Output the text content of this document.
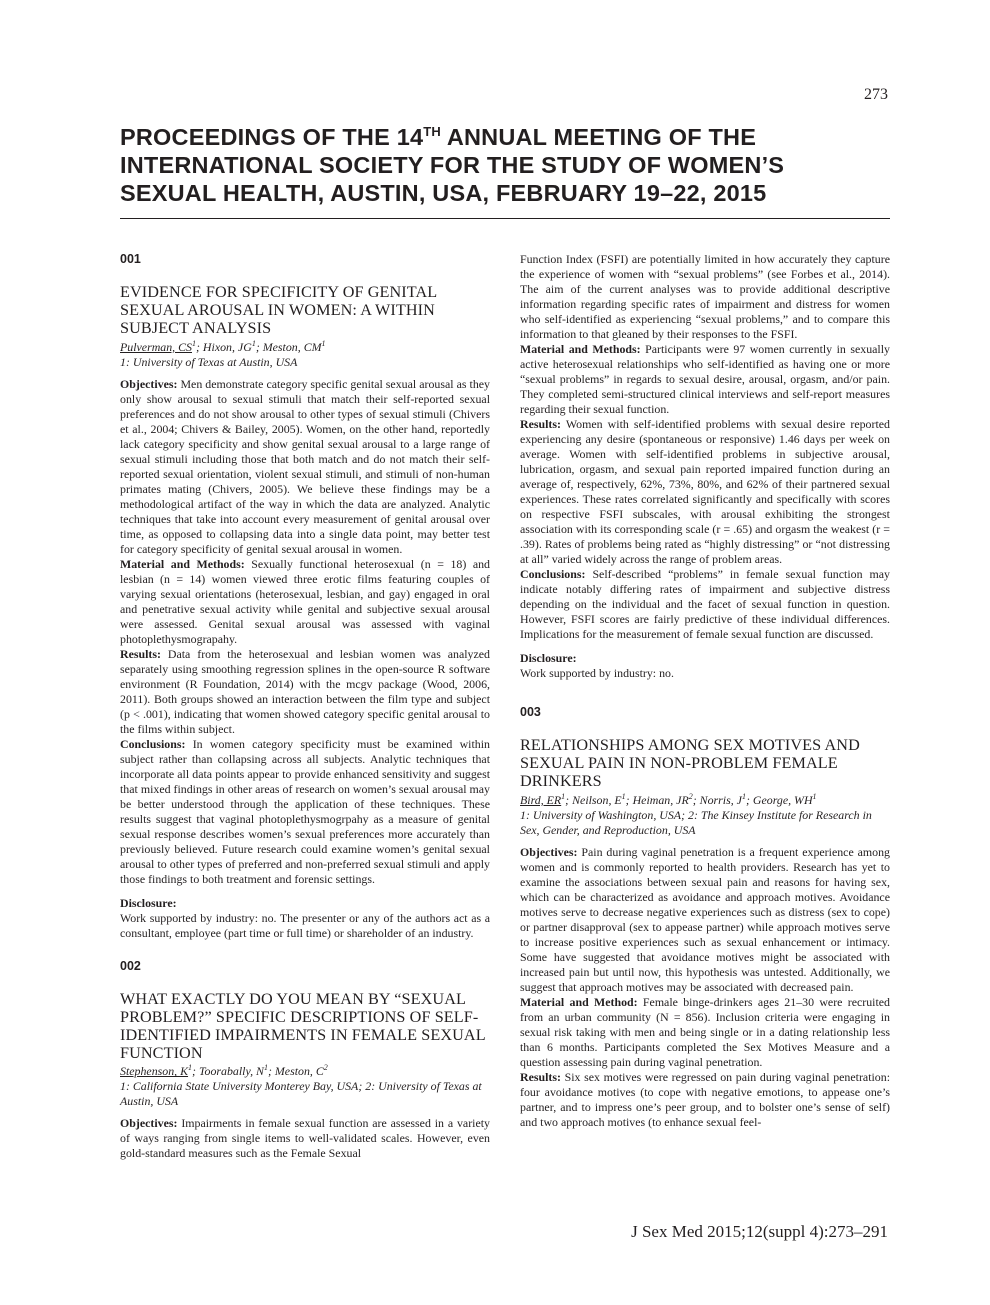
273
PROCEEDINGS OF THE 14TH ANNUAL MEETING OF THE
INTERNATIONAL SOCIETY FOR THE STUDY OF WOMEN’S
SEXUAL HEALTH, AUSTIN, USA, FEBRUARY 19–22, 2015
001
EVIDENCE FOR SPECIFICITY OF GENITAL SEXUAL AROUSAL IN WOMEN: A WITHIN SUBJECT ANALYSIS

Pulverman, $CS^1$; Hixon, $JG^1$; Meston, $CM^1$

1: University of Texas at Austin, USA

Objectives: Men demonstrate category specific genital sexual arousal as they only show arousal to sexual stimuli that match their self-reported sexual preferences and do not show arousal to other types of sexual stimuli (Chivers et al., 2004; Chivers & Bailey, 2005). Women, on the other hand, reportedly lack category specificity and show genital sexual arousal to a large range of sexual stimuli including those that both match and do not match their self-reported sexual orientation, violent sexual stimuli, and stimuli of non-human primates mating (Chivers, 2005). We believe these findings may be a methodological artifact of the way in which the data are analyzed. Analytic techniques that take into account every measurement of genital arousal over time, as opposed to collapsing data into a single data point, may better test for category specificity of genital sexual arousal in women.

Material and Methods: Sexually functional heterosexual (n = 18) and lesbian (n = 14) women viewed three erotic films featuring couples of varying sexual orientations (heterosexual, lesbian, and gay) engaged in oral and penetrative sexual activity while genital and subjective sexual arousal were assessed. Genital sexual arousal was assessed with vaginal photoplethysmograpahy.

Results: Data from the heterosexual and lesbian women was analyzed separately using smoothing regression splines in the open-source R software environment (R Foundation, 2014) with the mcgv package (Wood, 2006, 2011). Both groups showed an interaction between the film type and subject (p < .001), indicating that women showed category specific genital arousal to the films within subject.

Conclusions: In women category specificity must be examined within subject rather than collapsing across all subjects. Analytic techniques that incorporate all data points appear to provide enhanced sensitivity and suggest that mixed findings in other areas of research on women’s sexual arousal may be better understood through the application of these techniques. These results suggest that vaginal photoplethysmogrpahy as a measure of genital sexual response describes women’s sexual preferences more accurately than previously believed. Future research could examine women’s genital sexual arousal to other types of preferred and non-preferred sexual stimuli and apply those findings to both treatment and forensic settings.

Disclosure:

Work supported by industry: no. The presenter or any of the authors act as a consultant, employee (part time or full time) or shareholder of an industry.

002
WHAT EXACTLY DO YOU MEAN BY “SEXUAL PROBLEM?” SPECIFIC DESCRIPTIONS OF SELF-IDENTIFIED IMPAIRMENTS IN FEMALE SEXUAL FUNCTION

Stephenson, $K^1$; Toorabally, $N^1$; Meston, $C^2$

1: California State University Monterey Bay, USA; 2: University of Texas at Austin, USA

Objectives: Impairments in female sexual function are assessed in a variety of ways ranging from single items to well-validated scales. However, even gold-standard measures such as the Female Sexual

Function Index (FSFI) are potentially limited in how accurately they capture the experience of women with “sexual problems” (see Forbes et al., 2014). The aim of the current analyses was to provide additional descriptive information regarding specific rates of impairment and distress for women who self-identified as experiencing “sexual problems,” and to compare this information to that gleaned by their responses to the FSFI.

Material and Methods: Participants were 97 women currently in sexually active heterosexual relationships who self-identified as having one or more “sexual problems” in regards to sexual desire, arousal, orgasm, and/or pain. They completed semi-structured clinical interviews and self-report measures regarding their sexual function.

Results: Women with self-identified problems with sexual desire reported experiencing any desire (spontaneous or responsive) 1.46 days per week on average. Women with self-identified problems in subjective arousal, lubrication, orgasm, and sexual pain reported impaired function during an average of, respectively, 62%, 73%, 80%, and 62% of their partnered sexual experiences. These rates correlated significantly and specifically with scores on respective FSFI subscales, with arousal exhibiting the strongest association with its corresponding scale (r = .65) and orgasm the weakest (r = .39). Rates of problems being rated as “highly distressing” or “not distressing at all” varied widely across the range of problem areas.

Conclusions: Self-described “problems” in female sexual function may indicate notably differing rates of impairment and subjective distress depending on the individual and the facet of sexual function in question. However, FSFI scores are fairly predictive of these individual differences. Implications for the measurement of female sexual function are discussed.

Disclosure:

Work supported by industry: no.

003
RELATIONSHIPS AMONG SEX MOTIVES AND SEXUAL PAIN IN NON-PROBLEM FEMALE DRINKERS

Bird, $ER^1$; Neilson, $E^1$; Heiman, $JR^2$; Norris, $J^1$; George, $WH^1$

1: University of Washington, USA; 2: The Kinsey Institute for Research in Sex, Gender, and Reproduction, USA

Objectives: Pain during vaginal penetration is a frequent experience among women and is commonly reported to health providers. Research has yet to examine the associations between sexual pain and reasons for having sex, which can be characterized as avoidance and approach motives. Avoidance motives serve to decrease negative experiences such as distress (sex to cope) or partner disapproval (sex to appease partner) while approach motives serve to increase positive experiences such as sexual enhancement or intimacy. Some have suggested that avoidance motives might be associated with increased pain but until now, this hypothesis was untested. Additionally, we suggest that approach motives may be associated with decreased pain.

Material and Method: Female binge-drinkers ages 21–30 were recruited from an urban community (N = 856). Inclusion criteria were engaging in sexual risk taking with men and being single or in a dating relationship less than 6 months. Participants completed the Sex Motives Measure and a question assessing pain during vaginal penetration.

Results: Six sex motives were regressed on pain during vaginal penetration: four avoidance motives (to cope with negative emotions, to appease one’s partner, and to impress one’s peer group, and to bolster one’s sense of self) and two approach motives (to enhance sexual feel-

J Sex Med 2015;12(suppl 4):273–291
